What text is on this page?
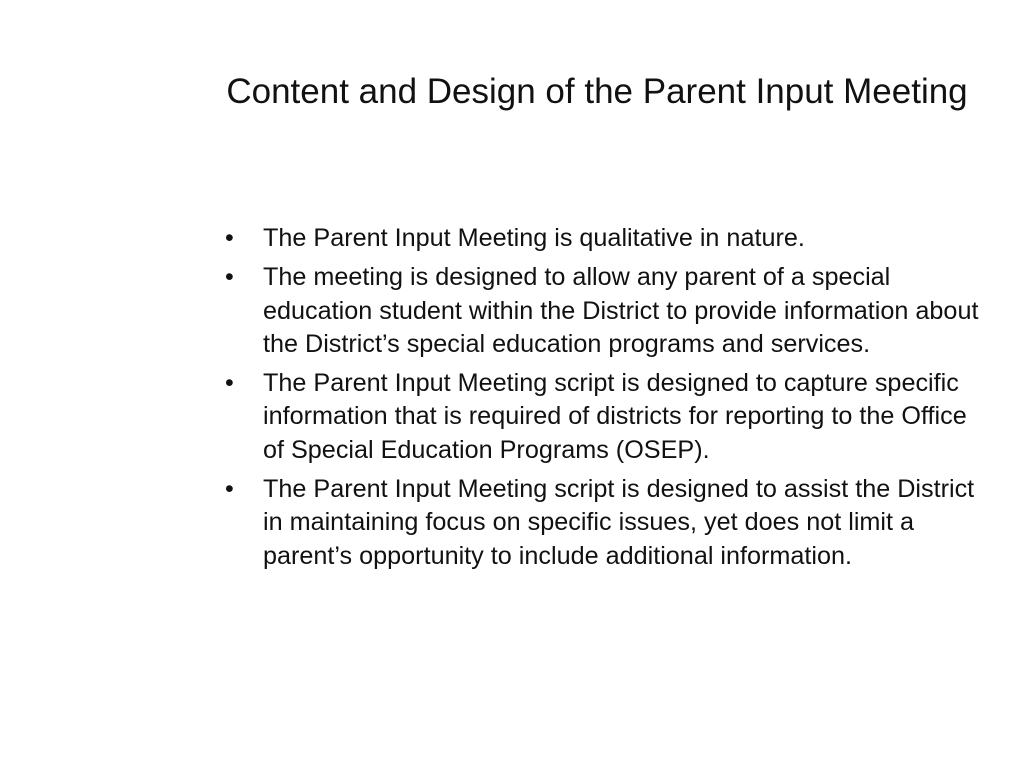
Content and Design of the Parent Input Meeting
• The Parent Input Meeting is qualitative in nature.
• The meeting is designed to allow any parent of a special education student within the District to provide information about the District’s special education programs and services.
• The Parent Input Meeting script is designed to capture specific information that is required of districts for reporting to the Office of Special Education Programs (OSEP).
• The Parent Input Meeting script is designed to assist the District in maintaining focus on specific issues, yet does not limit a parent’s opportunity to include additional information.
